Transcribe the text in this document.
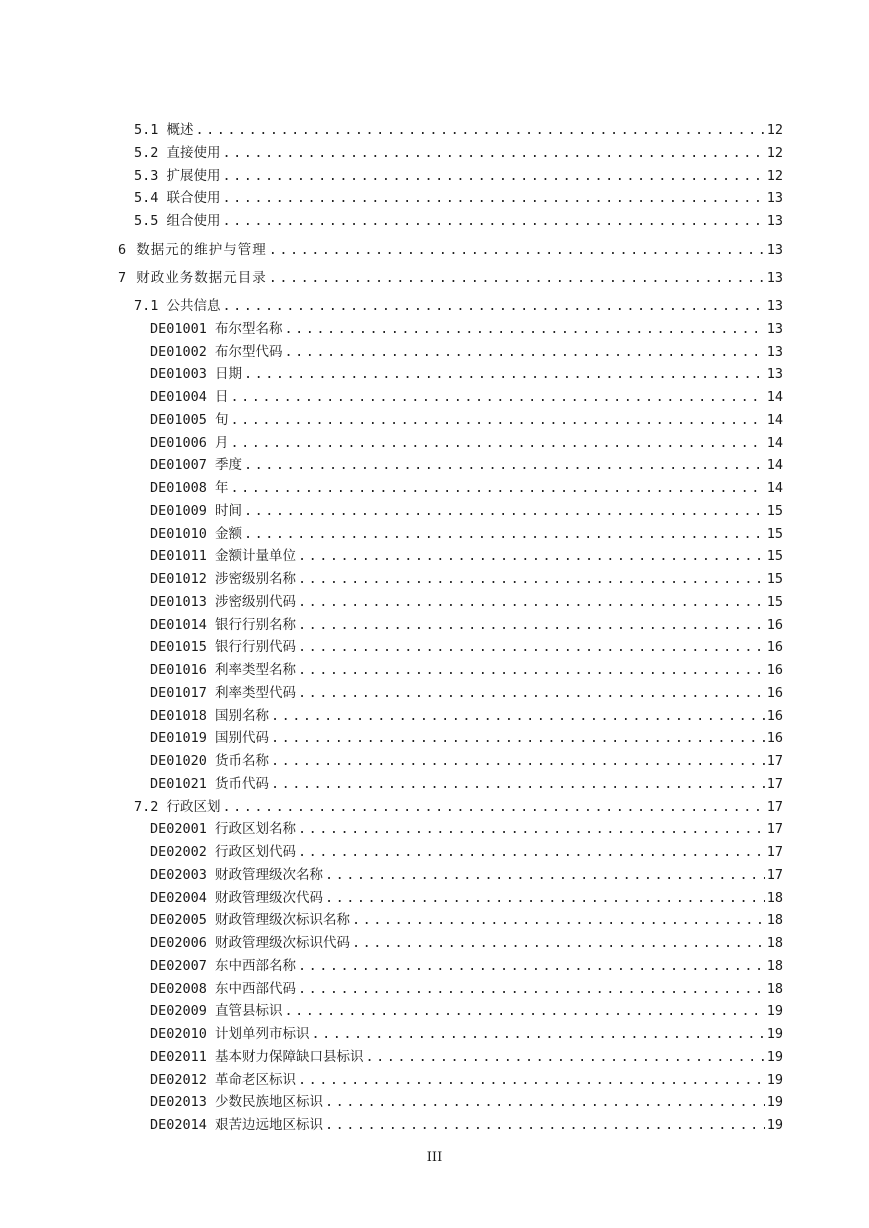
5.1 概述 .....	12
5.2 直接使用 .....	12
5.3 扩展使用 .....	12
5.4 联合使用 .....	13
5.5 组合使用 .....	13
6 数据元的维护与管理 .....	13
7 财政业务数据元目录 .....	13
7.1 公共信息 .....	13
DE01001 布尔型名称 .....	13
DE01002 布尔型代码 .....	13
DE01003 日期 .....	13
DE01004 日 .....	14
DE01005 旬 .....	14
DE01006 月 .....	14
DE01007 季度 .....	14
DE01008 年 .....	14
DE01009 时间 .....	15
DE01010 金额 .....	15
DE01011 金额计量单位 .....	15
DE01012 涉密级别名称 .....	15
DE01013 涉密级别代码 .....	15
DE01014 银行行别名称 .....	16
DE01015 银行行别代码 .....	16
DE01016 利率类型名称 .....	16
DE01017 利率类型代码 .....	16
DE01018 国别名称 .....	16
DE01019 国别代码 .....	16
DE01020 货币名称 .....	17
DE01021 货币代码 .....	17
7.2 行政区划 .....	17
DE02001 行政区划名称 .....	17
DE02002 行政区划代码 .....	17
DE02003 财政管理级次名称 .....	17
DE02004 财政管理级次代码 .....	18
DE02005 财政管理级次标识名称 .....	18
DE02006 财政管理级次标识代码 .....	18
DE02007 东中西部名称 .....	18
DE02008 东中西部代码 .....	18
DE02009 直管县标识 .....	19
DE02010 计划单列市标识 .....	19
DE02011 基本财力保障缺口县标识 .....	19
DE02012 革命老区标识 .....	19
DE02013 少数民族地区标识 .....	19
DE02014 艰苦边远地区标识 .....	19
III
